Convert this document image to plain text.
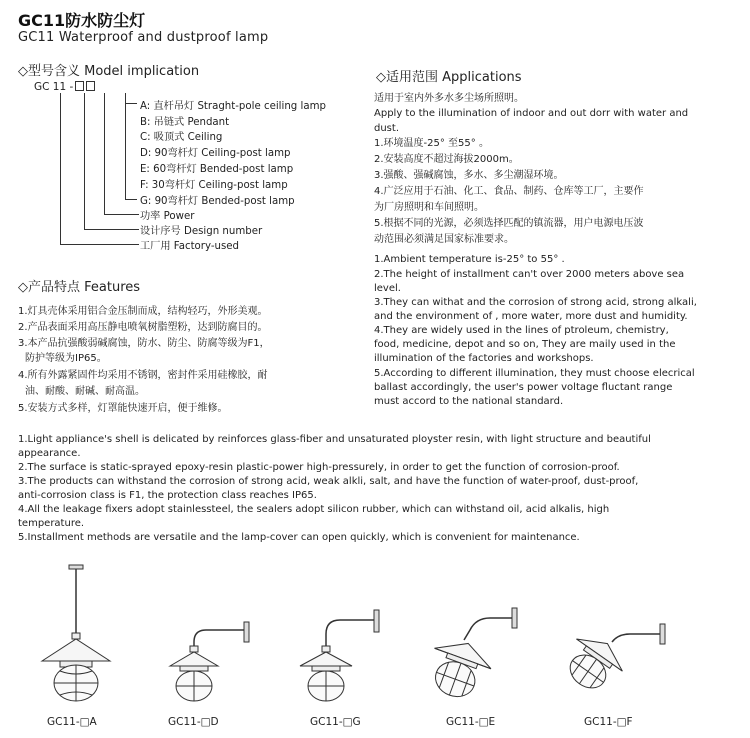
GC11防水防尘灯
GC11 Waterproof and dustproof lamp
◇型号含义 Model implication
GC 11 -
A: 直杆吊灯 Straght-pole ceiling lamp
B: 吊链式 Pendant
C: 吸顶式 Ceiling
D: 90弯杆灯 Ceiling-post lamp
E: 60弯杆灯 Bended-post lamp
F: 30弯杆灯 Ceiling-post lamp
G: 90弯杆灯 Bended-post lamp
功率 Power
设计序号 Design number
工厂用 Factory-used
◇产品特点 Features
1.灯具壳体采用铝合金压制而成，结构轻巧，外形美观。
2.产品表面采用高压静电喷氧树脂塑粉，达到防腐目的。
3.本产品抗强酸弱碱腐蚀，防水、防尘、防腐等级为F1，
防护等级为IP65。
4.所有外露紧固件均采用不锈钢，密封件采用硅橡胶，耐
油、耐酸、耐碱、耐高温。
5.安装方式多样，灯罩能快速开启，便于维修。
◇适用范围 Applications
适用于室内外多水多尘场所照明。
Apply to the illumination of indoor and out dorr with water and
dust.
1.环境温度-25° 至55° 。
2.安装高度不超过海拔2000m。
3.强酸、强碱腐蚀，多水、多尘潮湿环境。
4.广泛应用于石油、化工、食品、制药、仓库等工厂，主要作
为厂房照明和车间照明。
5.根据不同的光源，必须选择匹配的镇流器，用户电源电压波
动范围必须满足国家标准要求。
1.Ambient temperature is-25° to 55° .
2.The height of installment can't over 2000 meters above sea
level.
3.They can withat and the corrosion of strong acid, strong alkali,
and the environment of , more water, more dust and humidity.
4.They are widely used in the lines of ptroleum, chemistry,
food, medicine, depot and so on, They are maily used in the
illumination of the factories and workshops.
5.According to different illumination, they must choose elecrical
ballast accordingly, the user's power voltage fluctant range
must accord to the national standard.
1.Light appliance's shell is delicated by reinforces glass-fiber and unsaturated ployster resin, with light structure and beautiful
appearance.
2.The surface is static-sprayed epoxy-resin plastic-power high-pressurely, in order to get the function of corrosion-proof.
3.The products can withstand the corrosion of strong acid, weak alkli, salt, and have the function of water-proof, dust-proof,
anti-corrosion class is F1, the protection class reaches IP65.
4.All the leakage fixers adopt stainlessteel, the sealers adopt silicon rubber, which can withstand oil, acid alkalis, high
temperature.
5.Installment methods are versatile and the lamp-cover can open quickly, which is convenient for maintenance.
GC11-□A	GC11-□D	GC11-□G	GC11-□E	GC11-□F
